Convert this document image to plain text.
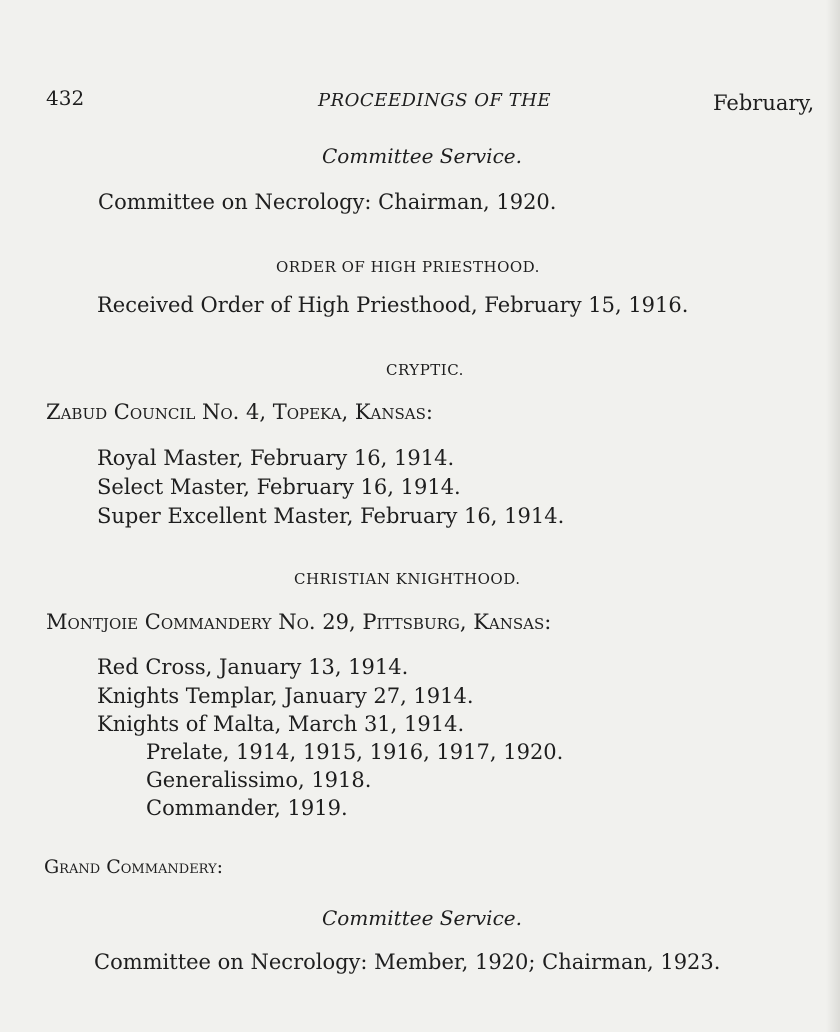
432	PROCEEDINGS OF THE	February,
Committee Service.
Committee on Necrology: Chairman, 1920.
ORDER OF HIGH PRIESTHOOD.
Received Order of High Priesthood, February 15, 1916.
CRYPTIC.
Zabud Council No. 4, Topeka, Kansas:
Royal Master, February 16, 1914.
Select Master, February 16, 1914.
Super Excellent Master, February 16, 1914.
CHRISTIAN KNIGHTHOOD.
Montjoie Commandery No. 29, Pittsburg, Kansas:
Red Cross, January 13, 1914.
Knights Templar, January 27, 1914.
Knights of Malta, March 31, 1914.
Prelate, 1914, 1915, 1916, 1917, 1920.
Generalissimo, 1918.
Commander, 1919.
Grand Commandery:
Committee Service.
Committee on Necrology: Member, 1920; Chairman, 1923.
